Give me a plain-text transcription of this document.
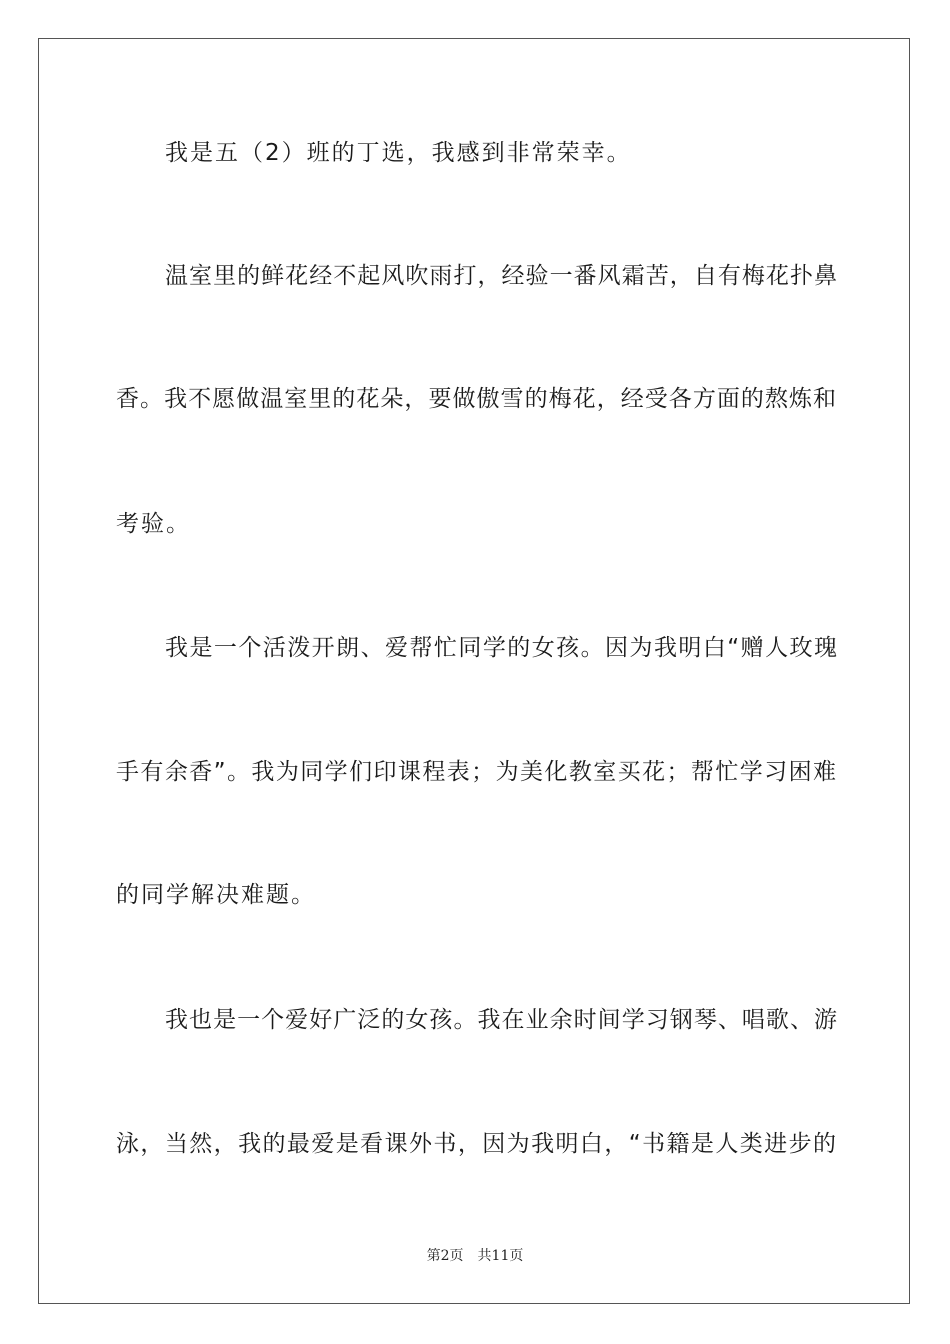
我是五（2）班的丁选，我感到非常荣幸。
温室里的鲜花经不起风吹雨打，经验一番风霜苦，自有梅花扑鼻
香。我不愿做温室里的花朵，要做傲雪的梅花，经受各方面的熬炼和
考验。
我是一个活泼开朗、爱帮忙同学的女孩。因为我明白“赠人玫瑰
手有余香”。我为同学们印课程表；为美化教室买花；帮忙学习困难
的同学解决难题。
我也是一个爱好广泛的女孩。我在业余时间学习钢琴、唱歌、游
泳，当然，我的最爱是看课外书，因为我明白，“书籍是人类进步的
第2页 共11页
